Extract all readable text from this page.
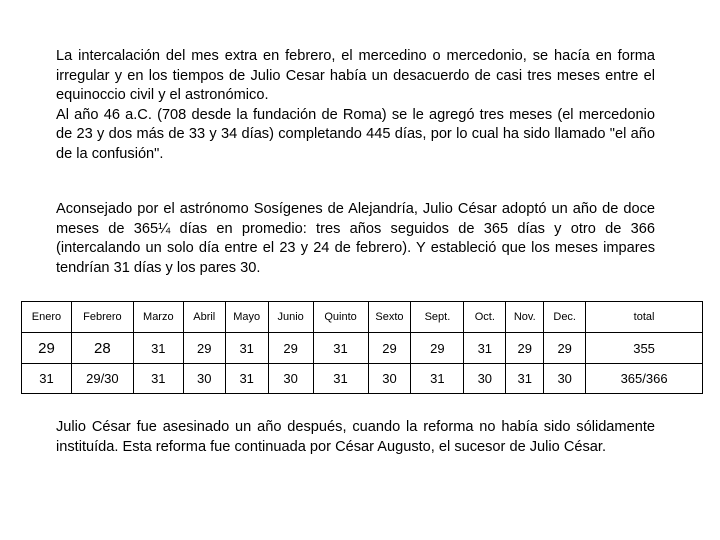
La intercalación del mes extra en febrero, el mercedino o mercedonio, se hacía en forma irregular y en los tiempos de Julio Cesar había un desacuerdo de casi tres meses entre el equinoccio civil y el astronómico.
Al año 46 a.C. (708 desde la fundación de Roma) se le agregó tres meses (el mercedonio de 23 y dos más de 33 y 34 días) completando 445 días, por lo cual ha sido llamado "el año de la confusión".

Aconsejado por el astrónomo Sosígenes de Alejandría, Julio César adoptó un año de doce meses de 365¼ días en promedio: tres años seguidos de 365 días y otro de 366 (intercalando un solo día entre el 23 y 24 de febrero). Y estableció que los meses impares tendrían 31 días y los pares 30.

Enero	Febrero	Marzo	Abril	Mayo	Junio	Quinto	Sexto	Sept.	Oct.	Nov.	Dec.	total
29	28	31	29	31	29	31	29	29	31	29	29	355
31	29/30	31	30	31	30	31	30	31	30	31	30	365/366

Julio César fue asesinado un año después, cuando la reforma no había sido sólidamente instituída. Esta reforma fue continuada por César Augusto, el sucesor de Julio César.
